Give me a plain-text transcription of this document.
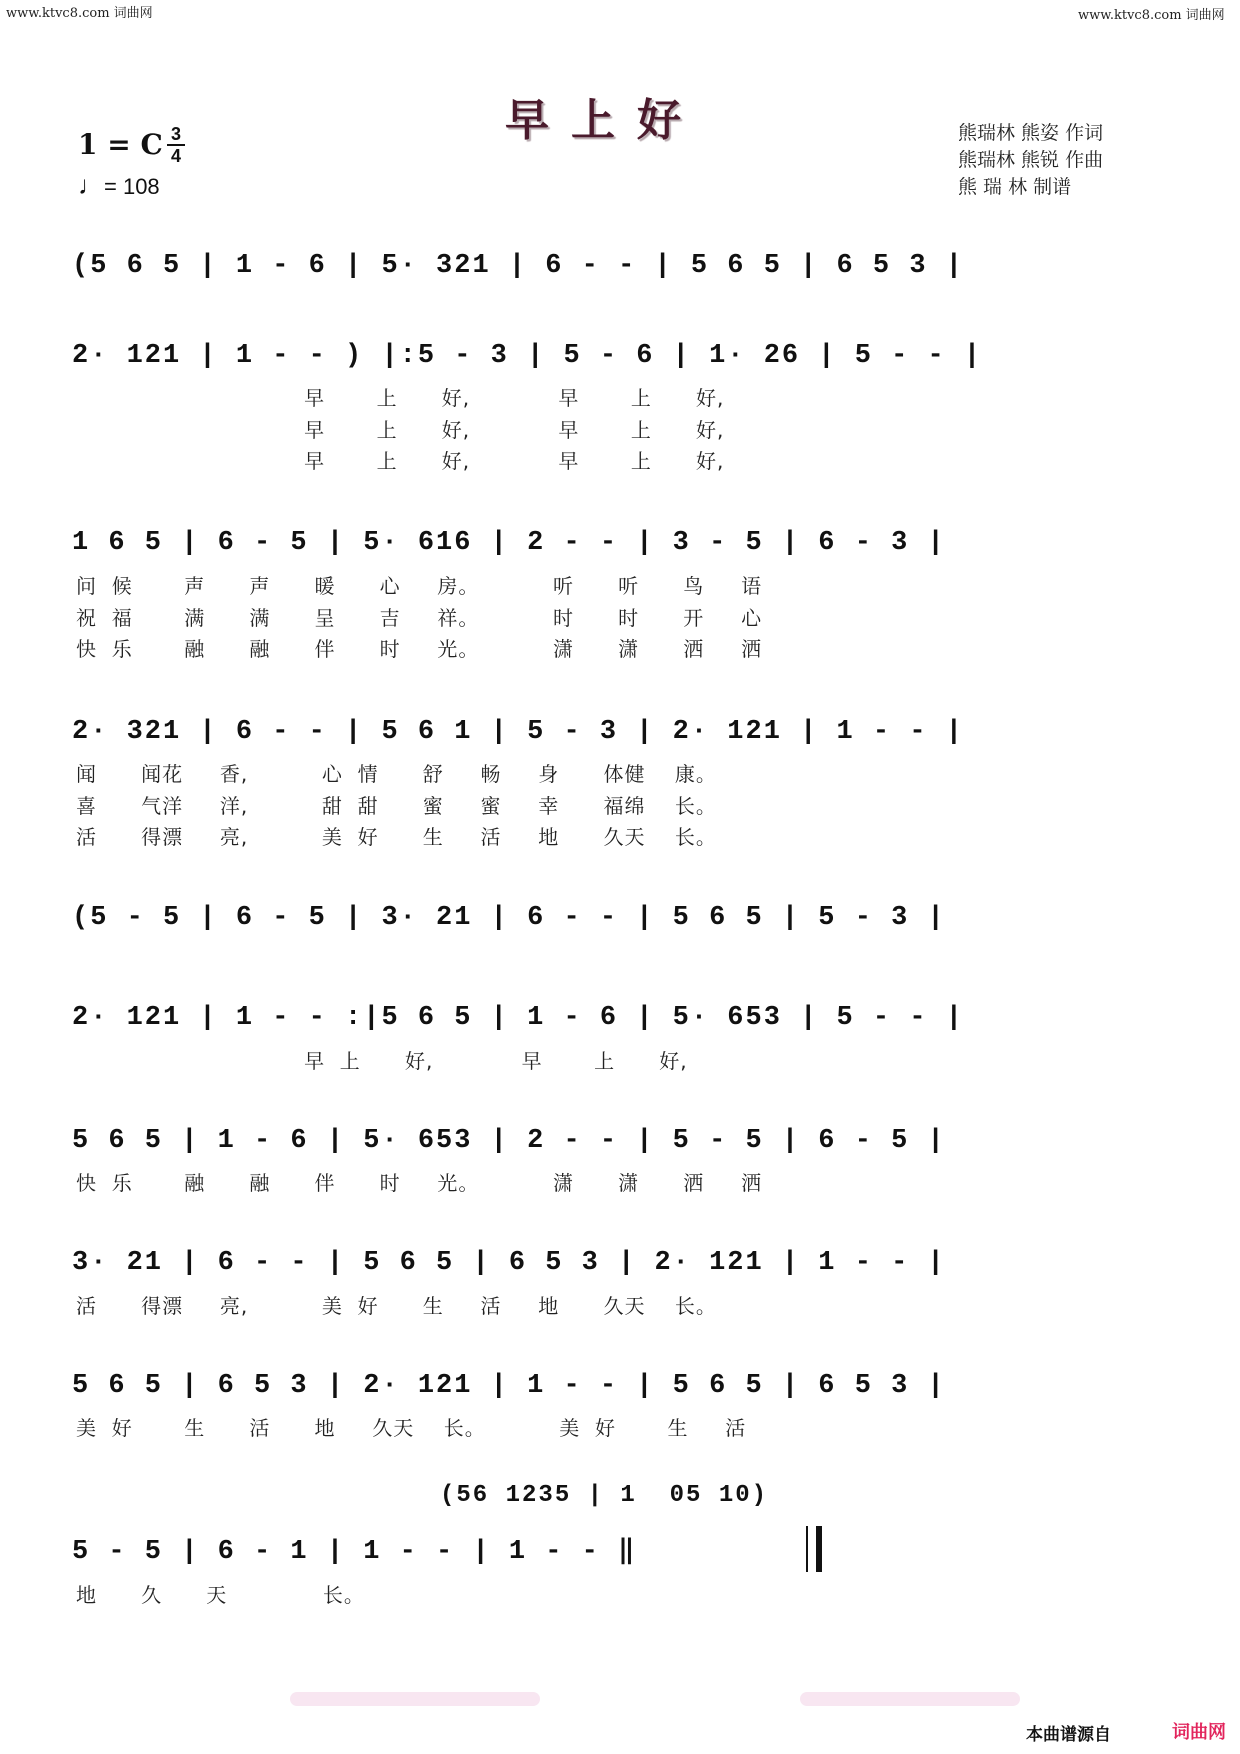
www.ktvc8.com 词曲网	www.ktvc8.com 词曲网
早上好
1 = C 3
4
♩= 108
熊瑞林 熊姿 作词
熊瑞林 熊锐 作曲
熊 瑞 林 制谱
(5 6 5 | 1 - 6 | 5· 321 | 6 - - | 5 6 5 | 6 5 3 |
2· 121 | 1 - - ) |:5 - 3 | 5 - 6 | 1· 26 | 5 - - |
早       上      好,            早       上      好,
早       上      好,            早       上      好,
早       上      好,            早       上      好,
1 6 5 | 6 - 5 | 5· 616 | 2 - - | 3 - 5 | 6 - 3 |
问  候       声      声      暖      心     房。          听      听      鸟     语
祝  福       满      满      呈      吉     祥。          时      时      开     心
快  乐       融      融      伴      时     光。          潇      潇      洒     洒
2· 321 | 6 - - | 5 6 1 | 5 - 3 | 2· 121 | 1 - - |
闻      闻花     香,          心  情      舒     畅     身      体健    康。
喜      气洋     洋,          甜  甜      蜜     蜜     幸      福绵    长。
活      得漂     亮,          美  好      生     活     地      久天    长。
(5 - 5 | 6 - 5 | 3· 21 | 6 - - | 5 6 5 | 5 - 3 |
2· 121 | 1 - - :|5 6 5 | 1 - 6 | 5· 653 | 5 - - |
早  上      好,            早       上      好,
5 6 5 | 1 - 6 | 5· 653 | 2 - - | 5 - 5 | 6 - 5 |
快  乐       融      融      伴      时     光。          潇      潇      洒     洒
3· 21 | 6 - - | 5 6 5 | 6 5 3 | 2· 121 | 1 - - |
活      得漂     亮,          美  好      生     活     地      久天    长。
5 6 5 | 6 5 3 | 2· 121 | 1 - - | 5 6 5 | 6 5 3 |
美  好       生      活      地     久天    长。          美  好       生     活
(56 1235 | 1  05 10)
5 - 5 | 6 - 1 | 1 - - | 1 - - ‖
地      久      天             长。
本曲谱源自	词曲网
